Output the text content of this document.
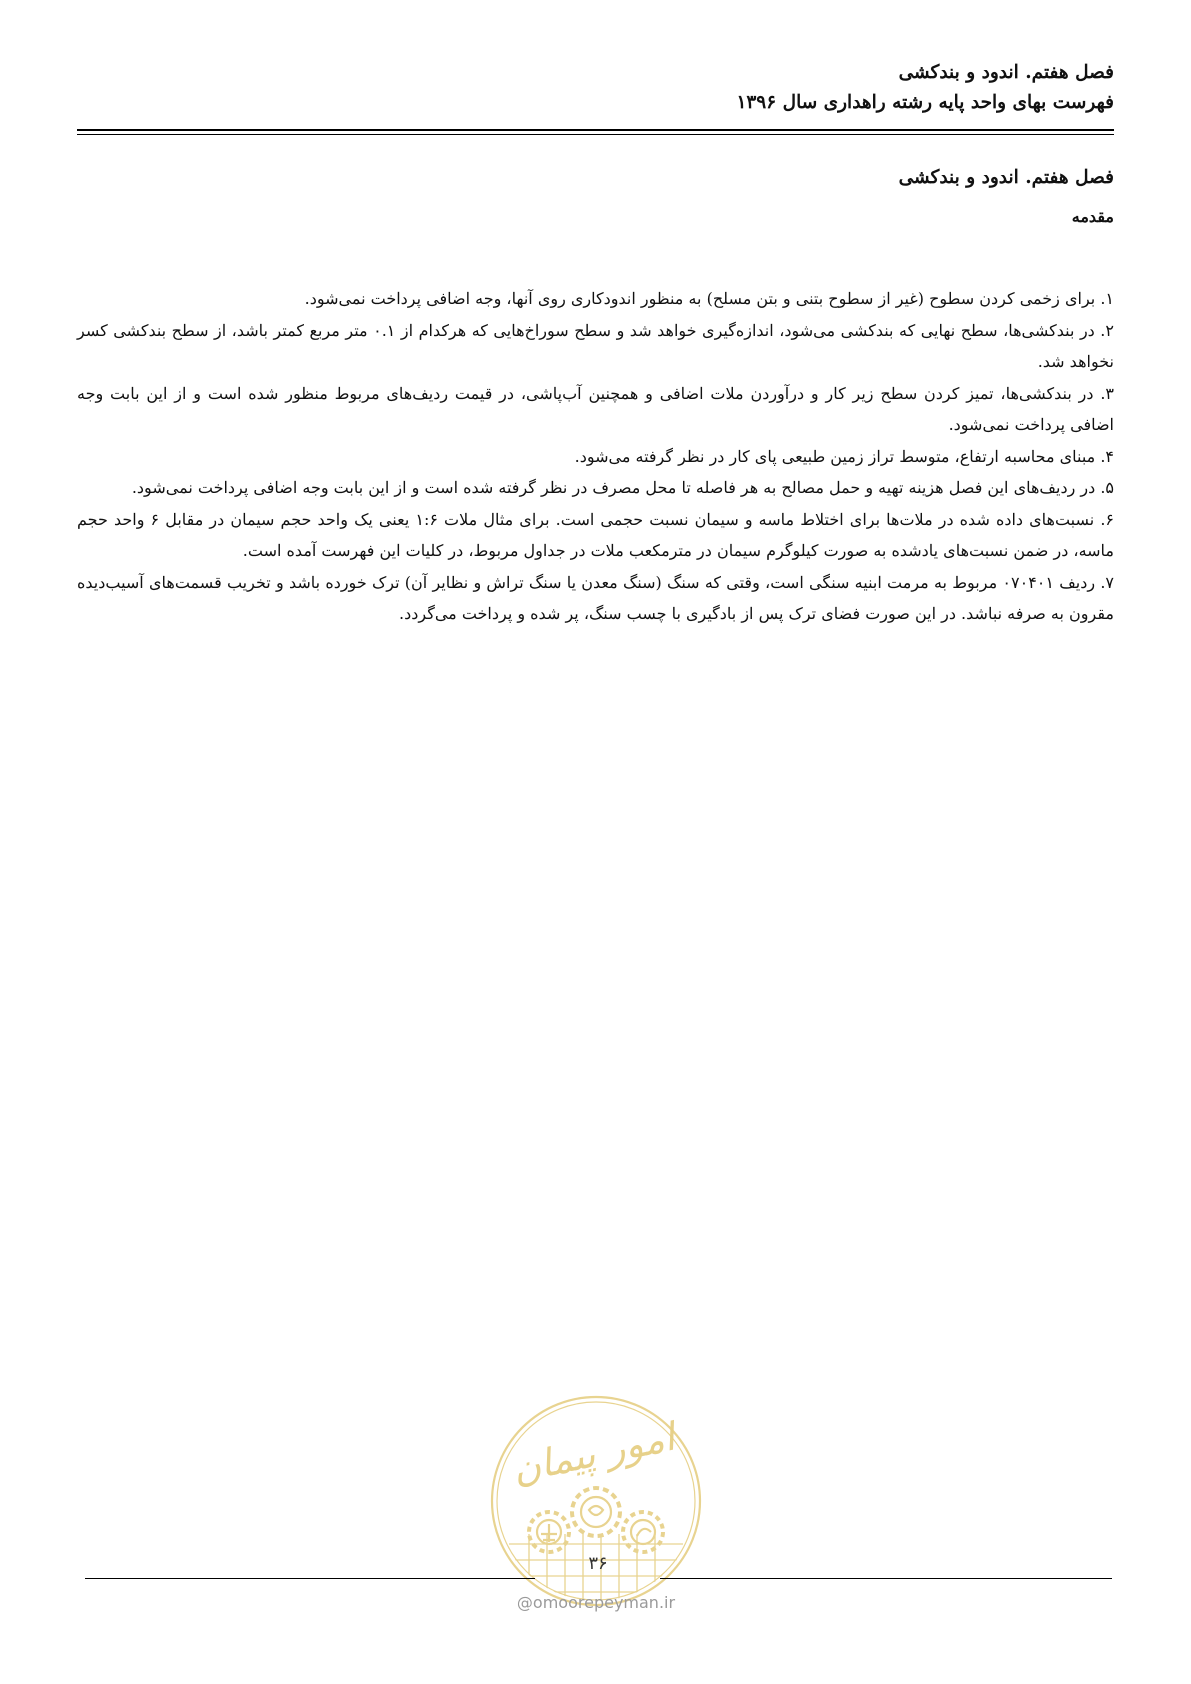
فصل هفتم. اندود و بندکشی
فهرست بهای واحد پایه رشته راهداری سال ۱۳۹۶
فصل هفتم. اندود و بندکشی
مقدمه

۱. برای زخمی کردن سطوح (غیر از سطوح بتنی و بتن مسلح) به منظور اندودکاری روی آنها، وجه اضافی پرداخت نمی‌شود.

۲. در بندکشی‌ها، سطح نهایی که بندکشی می‌شود، اندازه‌گیری خواهد شد و سطح سوراخ‌هایی که هرکدام از ۰.۱ متر مربع کمتر باشد، از سطح بندکشی کسر نخواهد شد.

۳. در بندکشی‌ها، تمیز کردن سطح زیر کار و درآوردن ملات اضافی و همچنین آب‌پاشی، در قیمت ردیف‌های مربوط منظور شده است و از این بابت وجه اضافی پرداخت نمی‌شود.

۴. مبنای محاسبه ارتفاع، متوسط تراز زمین طبیعی پای کار در نظر گرفته می‌شود.

۵. در ردیف‌های این فصل هزینه تهیه و حمل مصالح به هر فاصله تا محل مصرف در نظر گرفته شده است و از این بابت وجه اضافی پرداخت نمی‌شود.

۶. نسبت‌های داده شده در ملات‌ها برای اختلاط ماسه و سیمان نسبت حجمی است. برای مثال ملات ۱:۶ یعنی یک واحد حجم سیمان در مقابل ۶ واحد حجم ماسه، در ضمن نسبت‌های یادشده به صورت کیلوگرم سیمان در مترمکعب ملات در جداول مربوط، در کلیات این فهرست آمده است.

۷. ردیف ۰۷۰۴۰۱ مربوط به مرمت ابنیه سنگی است، وقتی که سنگ (سنگ معدن یا سنگ تراش و نظایر آن) ترک خورده باشد و تخریب قسمت‌های آسیب‌دیده مقرون به صرفه نباشد. در این صورت فضای ترک پس از بادگیری با چسب سنگ، پر شده و پرداخت می‌گردد.

امور پیمان
۳۶
@omoorepeyman.ir
